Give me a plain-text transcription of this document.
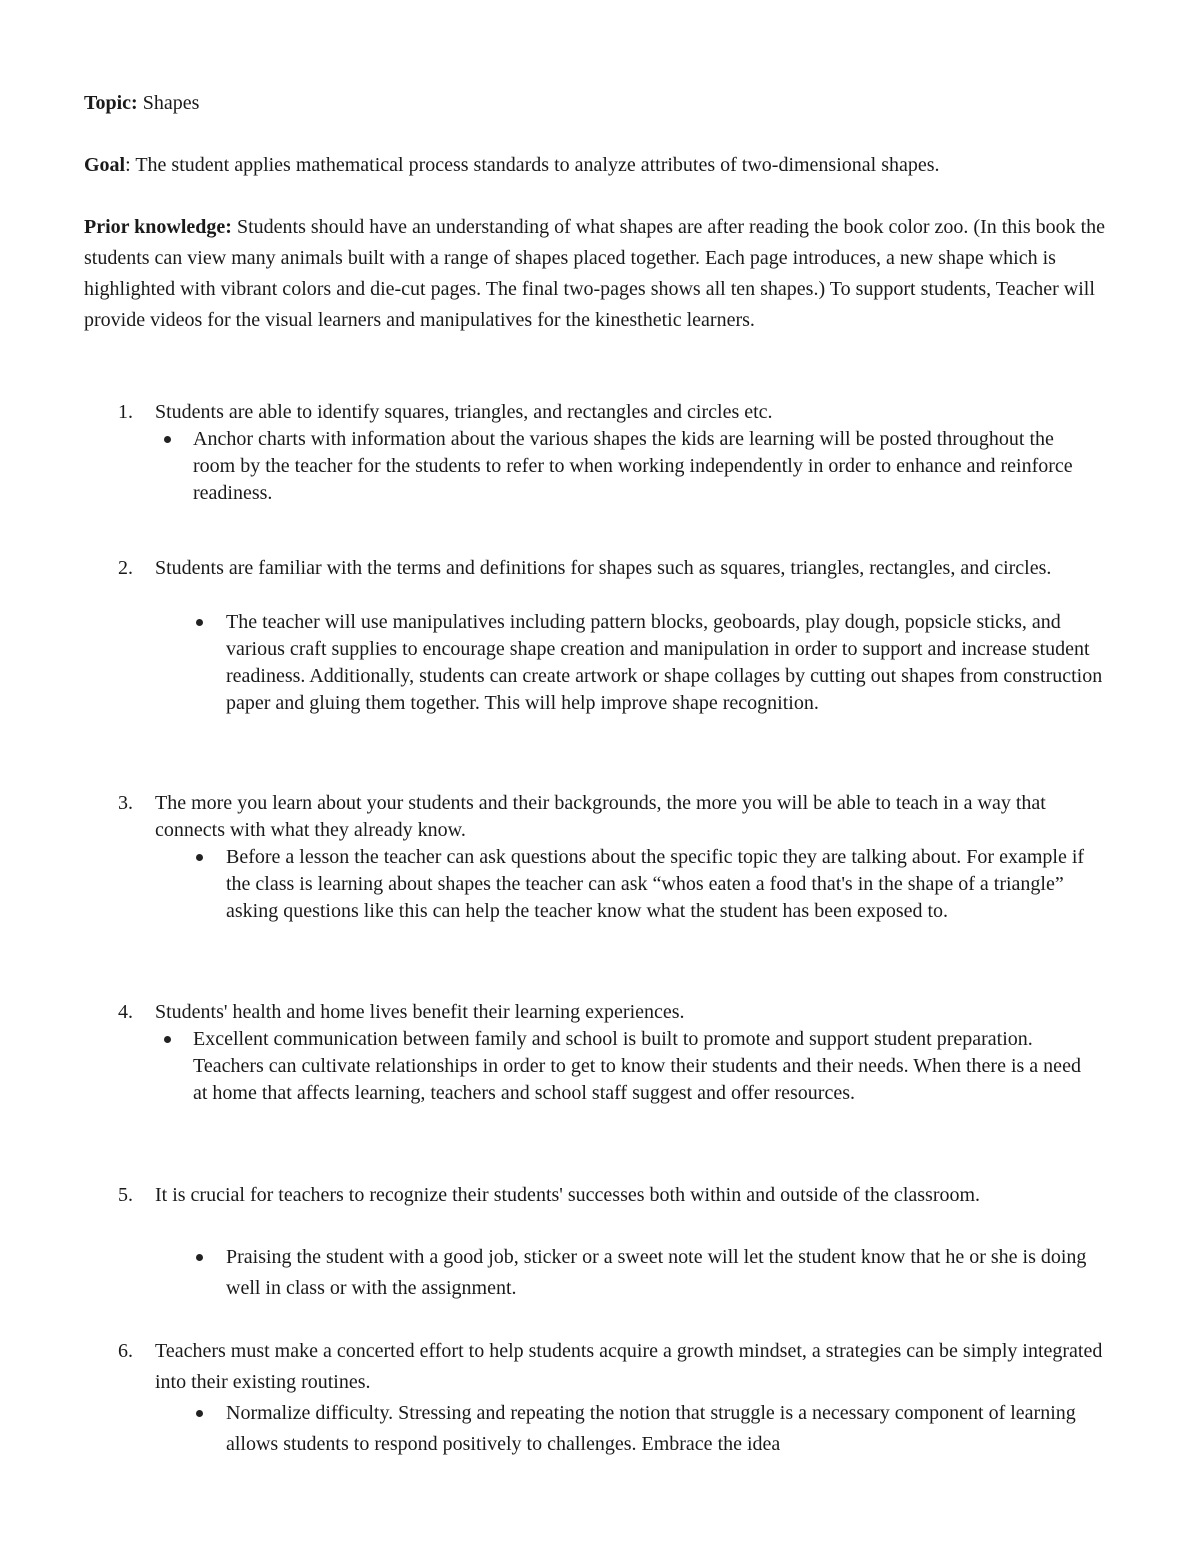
Topic: Shapes

Goal: The student applies mathematical process standards to analyze attributes of two-dimensional shapes.

Prior knowledge: Students should have an understanding of what shapes are after reading the book color zoo. (In this book the students can view many animals built with a range of shapes placed together. Each page introduces, a new shape which is highlighted with vibrant colors and die-cut pages. The final two-pages shows all ten shapes.) To support students, Teacher will provide videos for the visual learners and manipulatives for the kinesthetic learners.

1. Students are able to identify squares, triangles, and rectangles and circles etc.
Anchor charts with information about the various shapes the kids are learning will be posted throughout the room by the teacher for the students to refer to when working independently in order to enhance and reinforce readiness.
2. Students are familiar with the terms and definitions for shapes such as squares, triangles, rectangles, and circles.
The teacher will use manipulatives including pattern blocks, geoboards, play dough, popsicle sticks, and various craft supplies to encourage shape creation and manipulation in order to support and increase student readiness. Additionally, students can create artwork or shape collages by cutting out shapes from construction paper and gluing them together. This will help improve shape recognition.
3. The more you learn about your students and their backgrounds, the more you will be able to teach in a way that connects with what they already know.
Before a lesson the teacher can ask questions about the specific topic they are talking about. For example if the class is learning about shapes the teacher can ask “whos eaten a food that's in the shape of a triangle” asking questions like this can help the teacher know what the student has been exposed to.
4. Students' health and home lives benefit their learning experiences.
Excellent communication between family and school is built to promote and support student preparation. Teachers can cultivate relationships in order to get to know their students and their needs. When there is a need at home that affects learning, teachers and school staff suggest and offer resources.
5. It is crucial for teachers to recognize their students' successes both within and outside of the classroom.
Praising the student with a good job, sticker or a sweet note will let the student know that he or she is doing well in class or with the assignment.
6. Teachers must make a concerted effort to help students acquire a growth mindset, a strategies can be simply integrated into their existing routines.
Normalize difficulty. Stressing and repeating the notion that struggle is a necessary component of learning allows students to respond positively to challenges. Embrace the idea
